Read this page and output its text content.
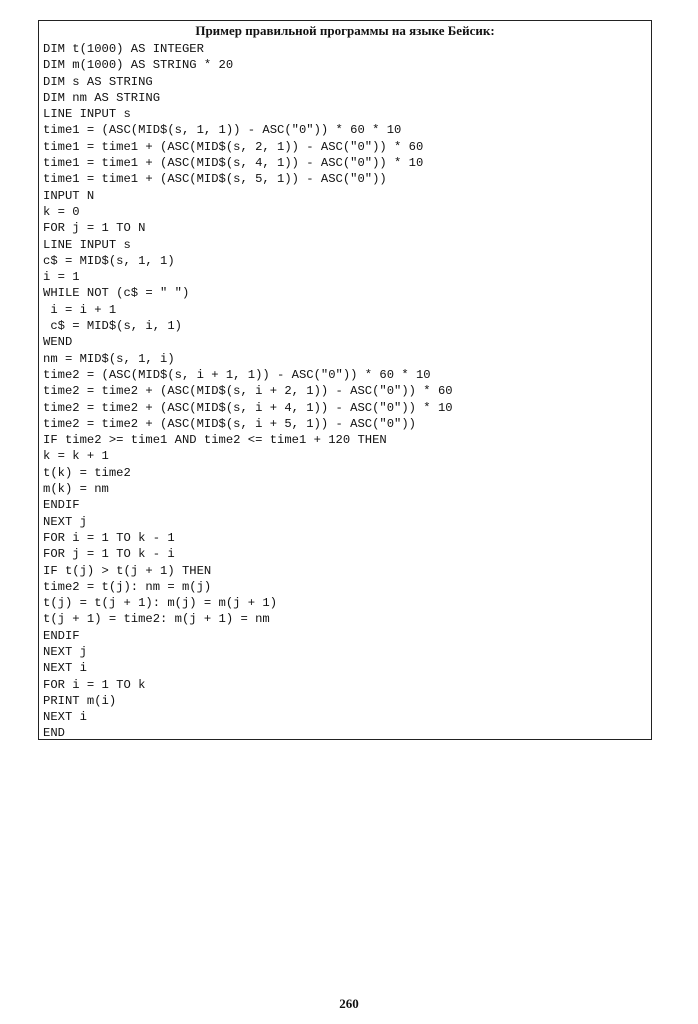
Пример правильной программы на языке Бейсик:
DIM t(1000) AS INTEGER
DIM m(1000) AS STRING * 20
DIM s AS STRING
DIM nm AS STRING
LINE INPUT s
time1 = (ASC(MID$(s, 1, 1)) - ASC("0")) * 60 * 10
time1 = time1 + (ASC(MID$(s, 2, 1)) - ASC("0")) * 60
time1 = time1 + (ASC(MID$(s, 4, 1)) - ASC("0")) * 10
time1 = time1 + (ASC(MID$(s, 5, 1)) - ASC("0"))
INPUT N
k = 0
FOR j = 1 TO N
LINE INPUT s
c$ = MID$(s, 1, 1)
i = 1
WHILE NOT (c$ = " ")
i = i + 1
c$ = MID$(s, i, 1)
WEND
nm = MID$(s, 1, i)
time2 = (ASC(MID$(s, i + 1, 1)) - ASC("0")) * 60 * 10
time2 = time2 + (ASC(MID$(s, i + 2, 1)) - ASC("0")) * 60
time2 = time2 + (ASC(MID$(s, i + 4, 1)) - ASC("0")) * 10
time2 = time2 + (ASC(MID$(s, i + 5, 1)) - ASC("0"))
IF time2 >= time1 AND time2 <= time1 + 120 THEN
k = k + 1
t(k) = time2
m(k) = nm
ENDIF
NEXT j
FOR i = 1 TO k - 1
FOR j = 1 TO k - i
IF t(j) > t(j + 1) THEN
time2 = t(j): nm = m(j)
t(j) = t(j + 1): m(j) = m(j + 1)
t(j + 1) = time2: m(j + 1) = nm
ENDIF
NEXT j
NEXT i
FOR i = 1 TO k
PRINT m(i)
NEXT i
END
260
